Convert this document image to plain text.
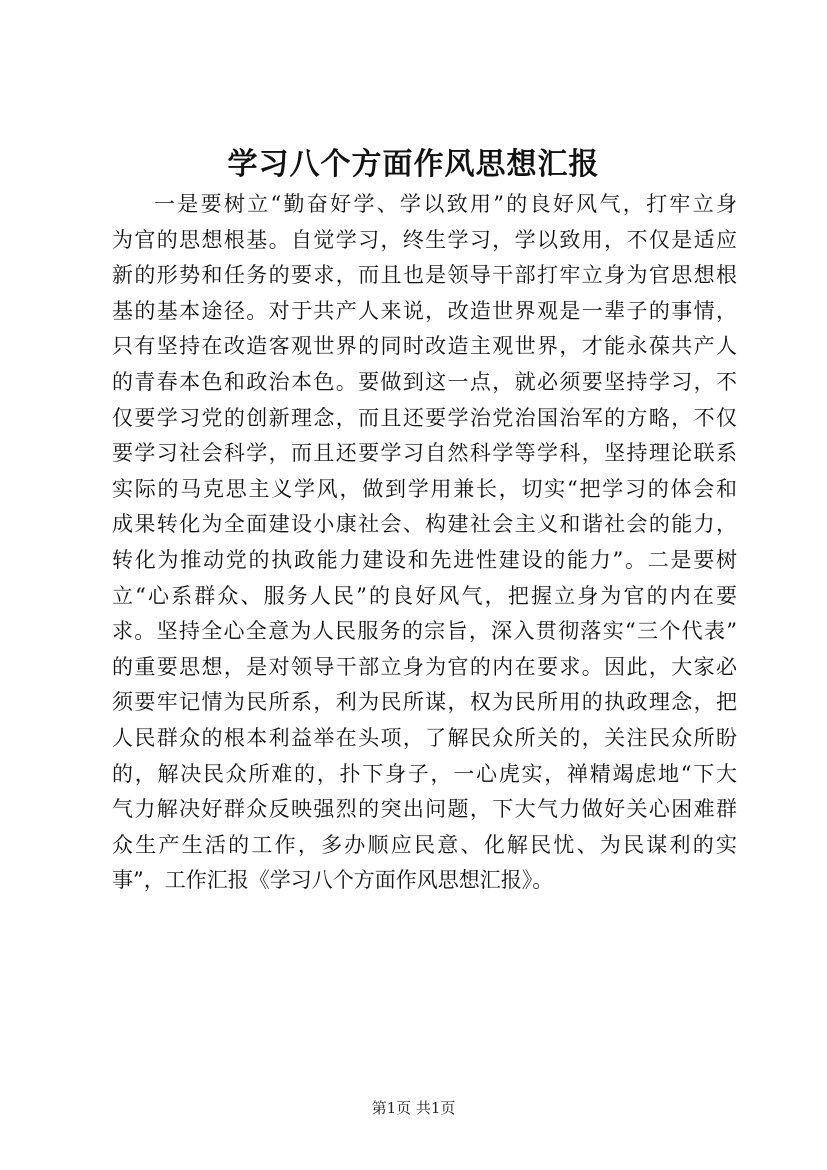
学习八个方面作风思想汇报
一是要树立“勤奋好学、学以致用”的良好风气，打牢立身
为官的思想根基。自觉学习，终生学习，学以致用，不仅是适应
新的形势和任务的要求，而且也是领导干部打牢立身为官思想根
基的基本途径。对于共产人来说，改造世界观是一辈子的事情，
只有坚持在改造客观世界的同时改造主观世界，才能永葆共产人
的青春本色和政治本色。要做到这一点，就必须要坚持学习，不
仅要学习党的创新理念，而且还要学治党治国治军的方略，不仅
要学习社会科学，而且还要学习自然科学等学科，坚持理论联系
实际的马克思主义学风，做到学用兼长，切实“把学习的体会和
成果转化为全面建设小康社会、构建社会主义和谐社会的能力，
转化为推动党的执政能力建设和先进性建设的能力”。二是要树
立“心系群众、服务人民”的良好风气，把握立身为官的内在要
求。坚持全心全意为人民服务的宗旨，深入贯彻落实“三个代表”
的重要思想，是对领导干部立身为官的内在要求。因此，大家必
须要牢记情为民所系，利为民所谋，权为民所用的执政理念，把
人民群众的根本利益举在头项，了解民众所关的，关注民众所盼
的，解决民众所难的，扑下身子，一心虎实，禅精竭虑地“下大
气力解决好群众反映强烈的突出问题，下大气力做好关心困难群
众生产生活的工作，多办顺应民意、化解民忧、为民谋利的实
事”，工作汇报《学习八个方面作风思想汇报》。
第1页 共1页
